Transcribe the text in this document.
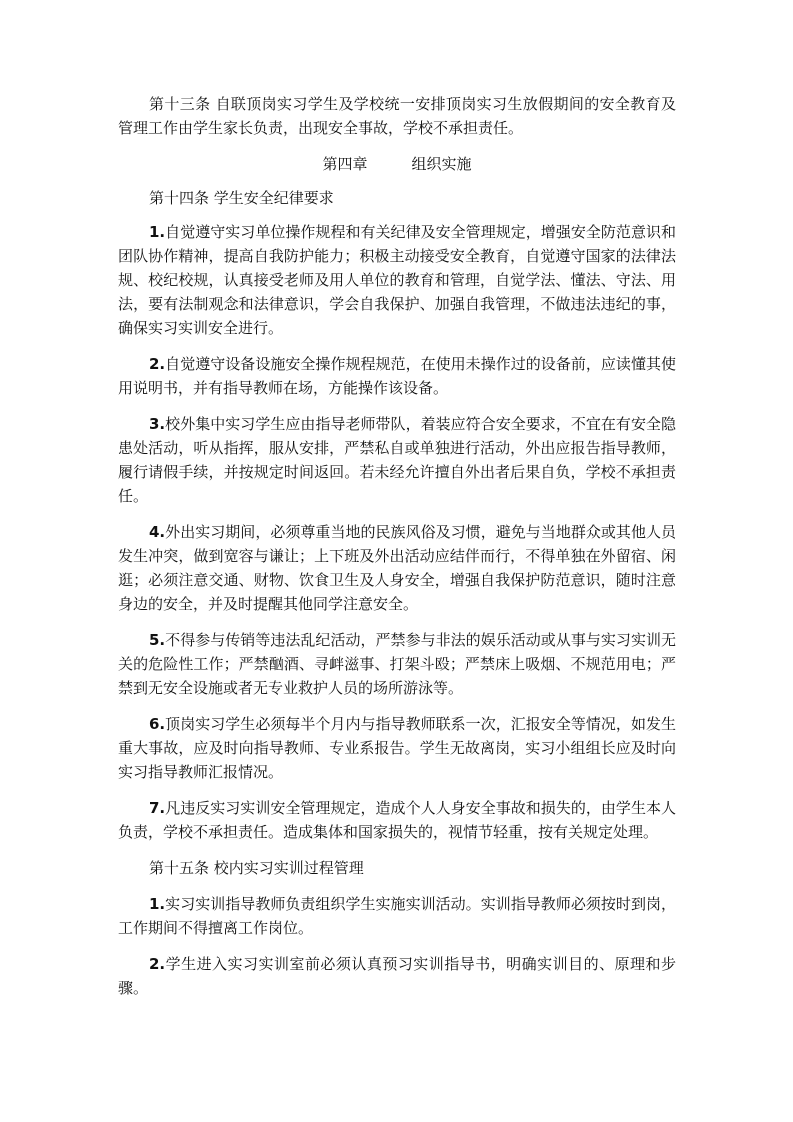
第十三条 自联顶岗实习学生及学校统一安排顶岗实习生放假期间的安全教育及管理工作由学生家长负责，出现安全事故，学校不承担责任。

第四章	组织实施

第十四条 学生安全纪律要求

1.自觉遵守实习单位操作规程和有关纪律及安全管理规定，增强安全防范意识和团队协作精神，提高自我防护能力；积极主动接受安全教育，自觉遵守国家的法律法规、校纪校规，认真接受老师及用人单位的教育和管理，自觉学法、懂法、守法、用法，要有法制观念和法律意识，学会自我保护、加强自我管理，不做违法违纪的事，确保实习实训安全进行。

2.自觉遵守设备设施安全操作规程规范，在使用未操作过的设备前，应读懂其使用说明书，并有指导教师在场，方能操作该设备。

3.校外集中实习学生应由指导老师带队，着装应符合安全要求，不宜在有安全隐患处活动，听从指挥，服从安排，严禁私自或单独进行活动，外出应报告指导教师，履行请假手续，并按规定时间返回。若未经允许擅自外出者后果自负，学校不承担责任。

4.外出实习期间，必须尊重当地的民族风俗及习惯，避免与当地群众或其他人员发生冲突，做到宽容与谦让；上下班及外出活动应结伴而行，不得单独在外留宿、闲逛；必须注意交通、财物、饮食卫生及人身安全，增强自我保护防范意识，随时注意身边的安全，并及时提醒其他同学注意安全。

5.不得参与传销等违法乱纪活动，严禁参与非法的娱乐活动或从事与实习实训无关的危险性工作；严禁酗酒、寻衅滋事、打架斗殴；严禁床上吸烟、不规范用电；严禁到无安全设施或者无专业救护人员的场所游泳等。

6.顶岗实习学生必须每半个月内与指导教师联系一次，汇报安全等情况，如发生重大事故，应及时向指导教师、专业系报告。学生无故离岗，实习小组组长应及时向实习指导教师汇报情况。

7.凡违反实习实训安全管理规定，造成个人人身安全事故和损失的，由学生本人负责，学校不承担责任。造成集体和国家损失的，视情节轻重，按有关规定处理。

第十五条 校内实习实训过程管理

1.实习实训指导教师负责组织学生实施实训活动。实训指导教师必须按时到岗，工作期间不得擅离工作岗位。

2.学生进入实习实训室前必须认真预习实训指导书，明确实训目的、原理和步骤。
